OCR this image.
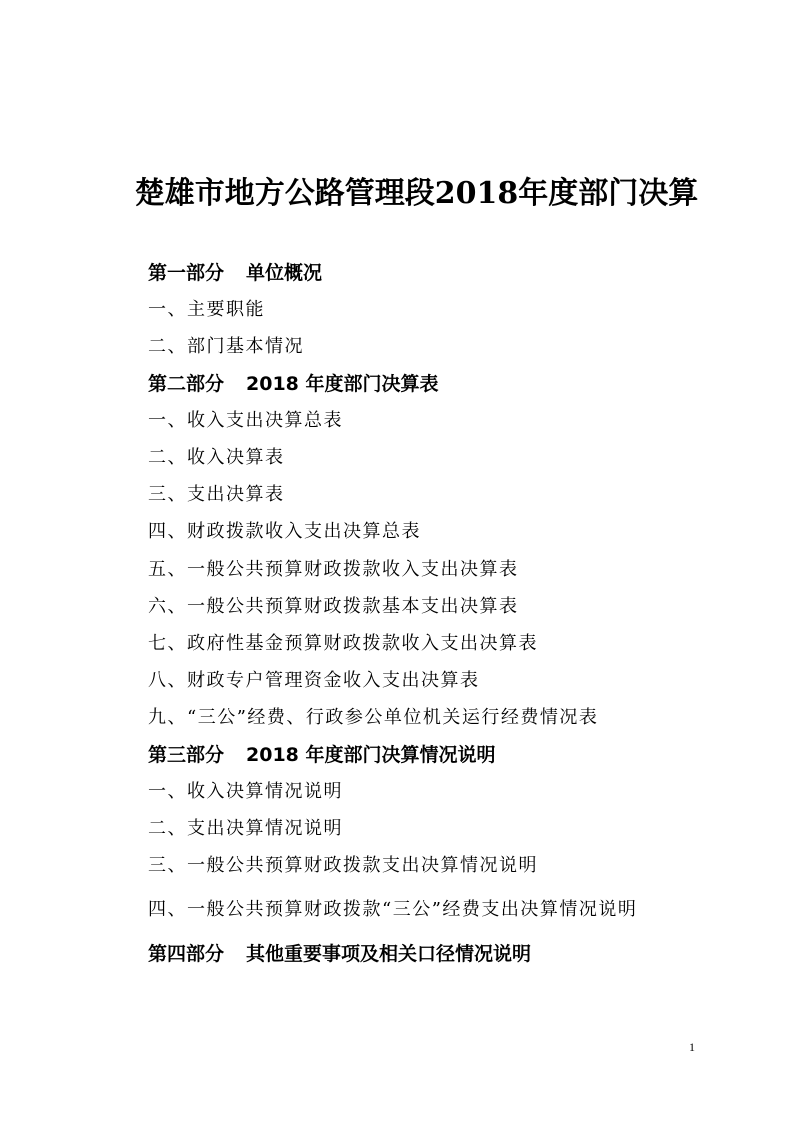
楚雄市地方公路管理段2018年度部门决算
第一部分 单位概况
一、主要职能
二、部门基本情况
第二部分 2018 年度部门决算表
一、收入支出决算总表
二、收入决算表
三、支出决算表
四、财政拨款收入支出决算总表
五、一般公共预算财政拨款收入支出决算表
六、一般公共预算财政拨款基本支出决算表
七、政府性基金预算财政拨款收入支出决算表
八、财政专户管理资金收入支出决算表
九、“三公”经费、行政参公单位机关运行经费情况表
第三部分 2018 年度部门决算情况说明
一、收入决算情况说明
二、支出决算情况说明
三、一般公共预算财政拨款支出决算情况说明
四、一般公共预算财政拨款“三公”经费支出决算情况说明
第四部分 其他重要事项及相关口径情况说明
1
